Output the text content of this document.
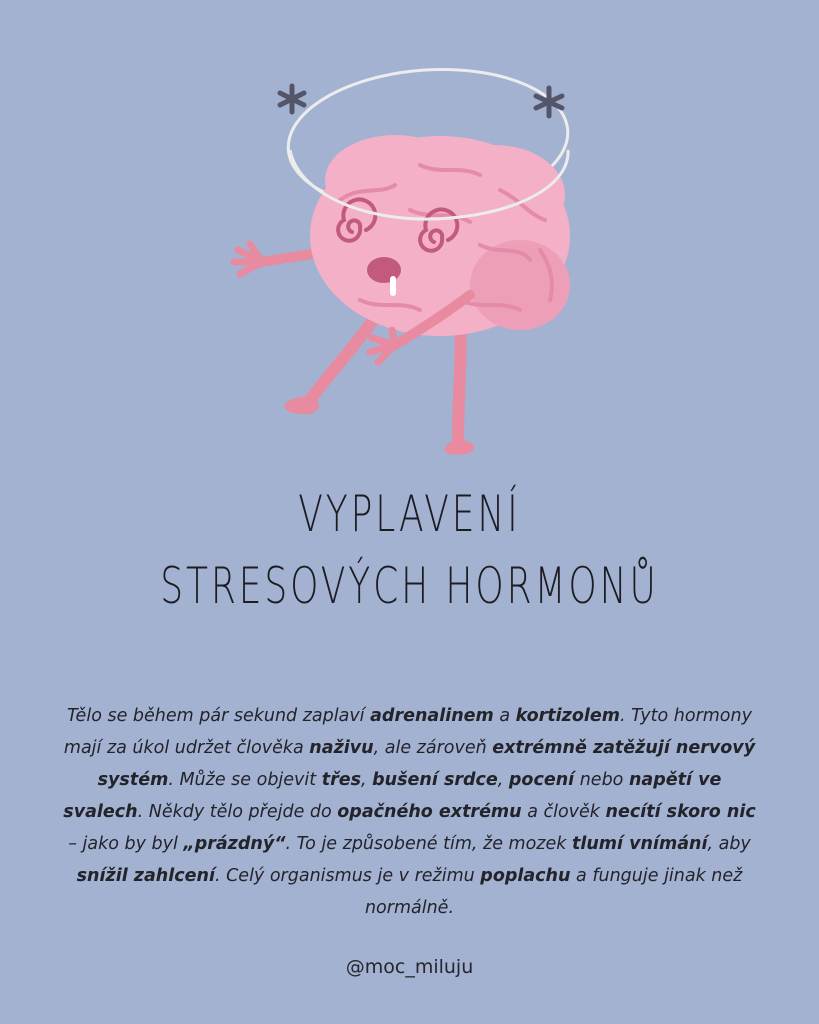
VYPLAVENÍ
STRESOVÝCH HORMONŮ
Tělo se během pár sekund zaplaví adrenalinem a kortizolem. Tyto hormony mají za úkol udržet člověka naživu, ale zároveň extrémně zatěžují nervový systém. Může se objevit třes, bušení srdce, pocení nebo napětí ve svalech. Někdy tělo přejde do opačného extrému a člověk necítí skoro nic – jako by byl „prázdný“. To je způsobené tím, že mozek tlumí vnímání, aby snížil zahlcení. Celý organismus je v režimu poplachu a funguje jinak než normálně.
@moc_miluju
